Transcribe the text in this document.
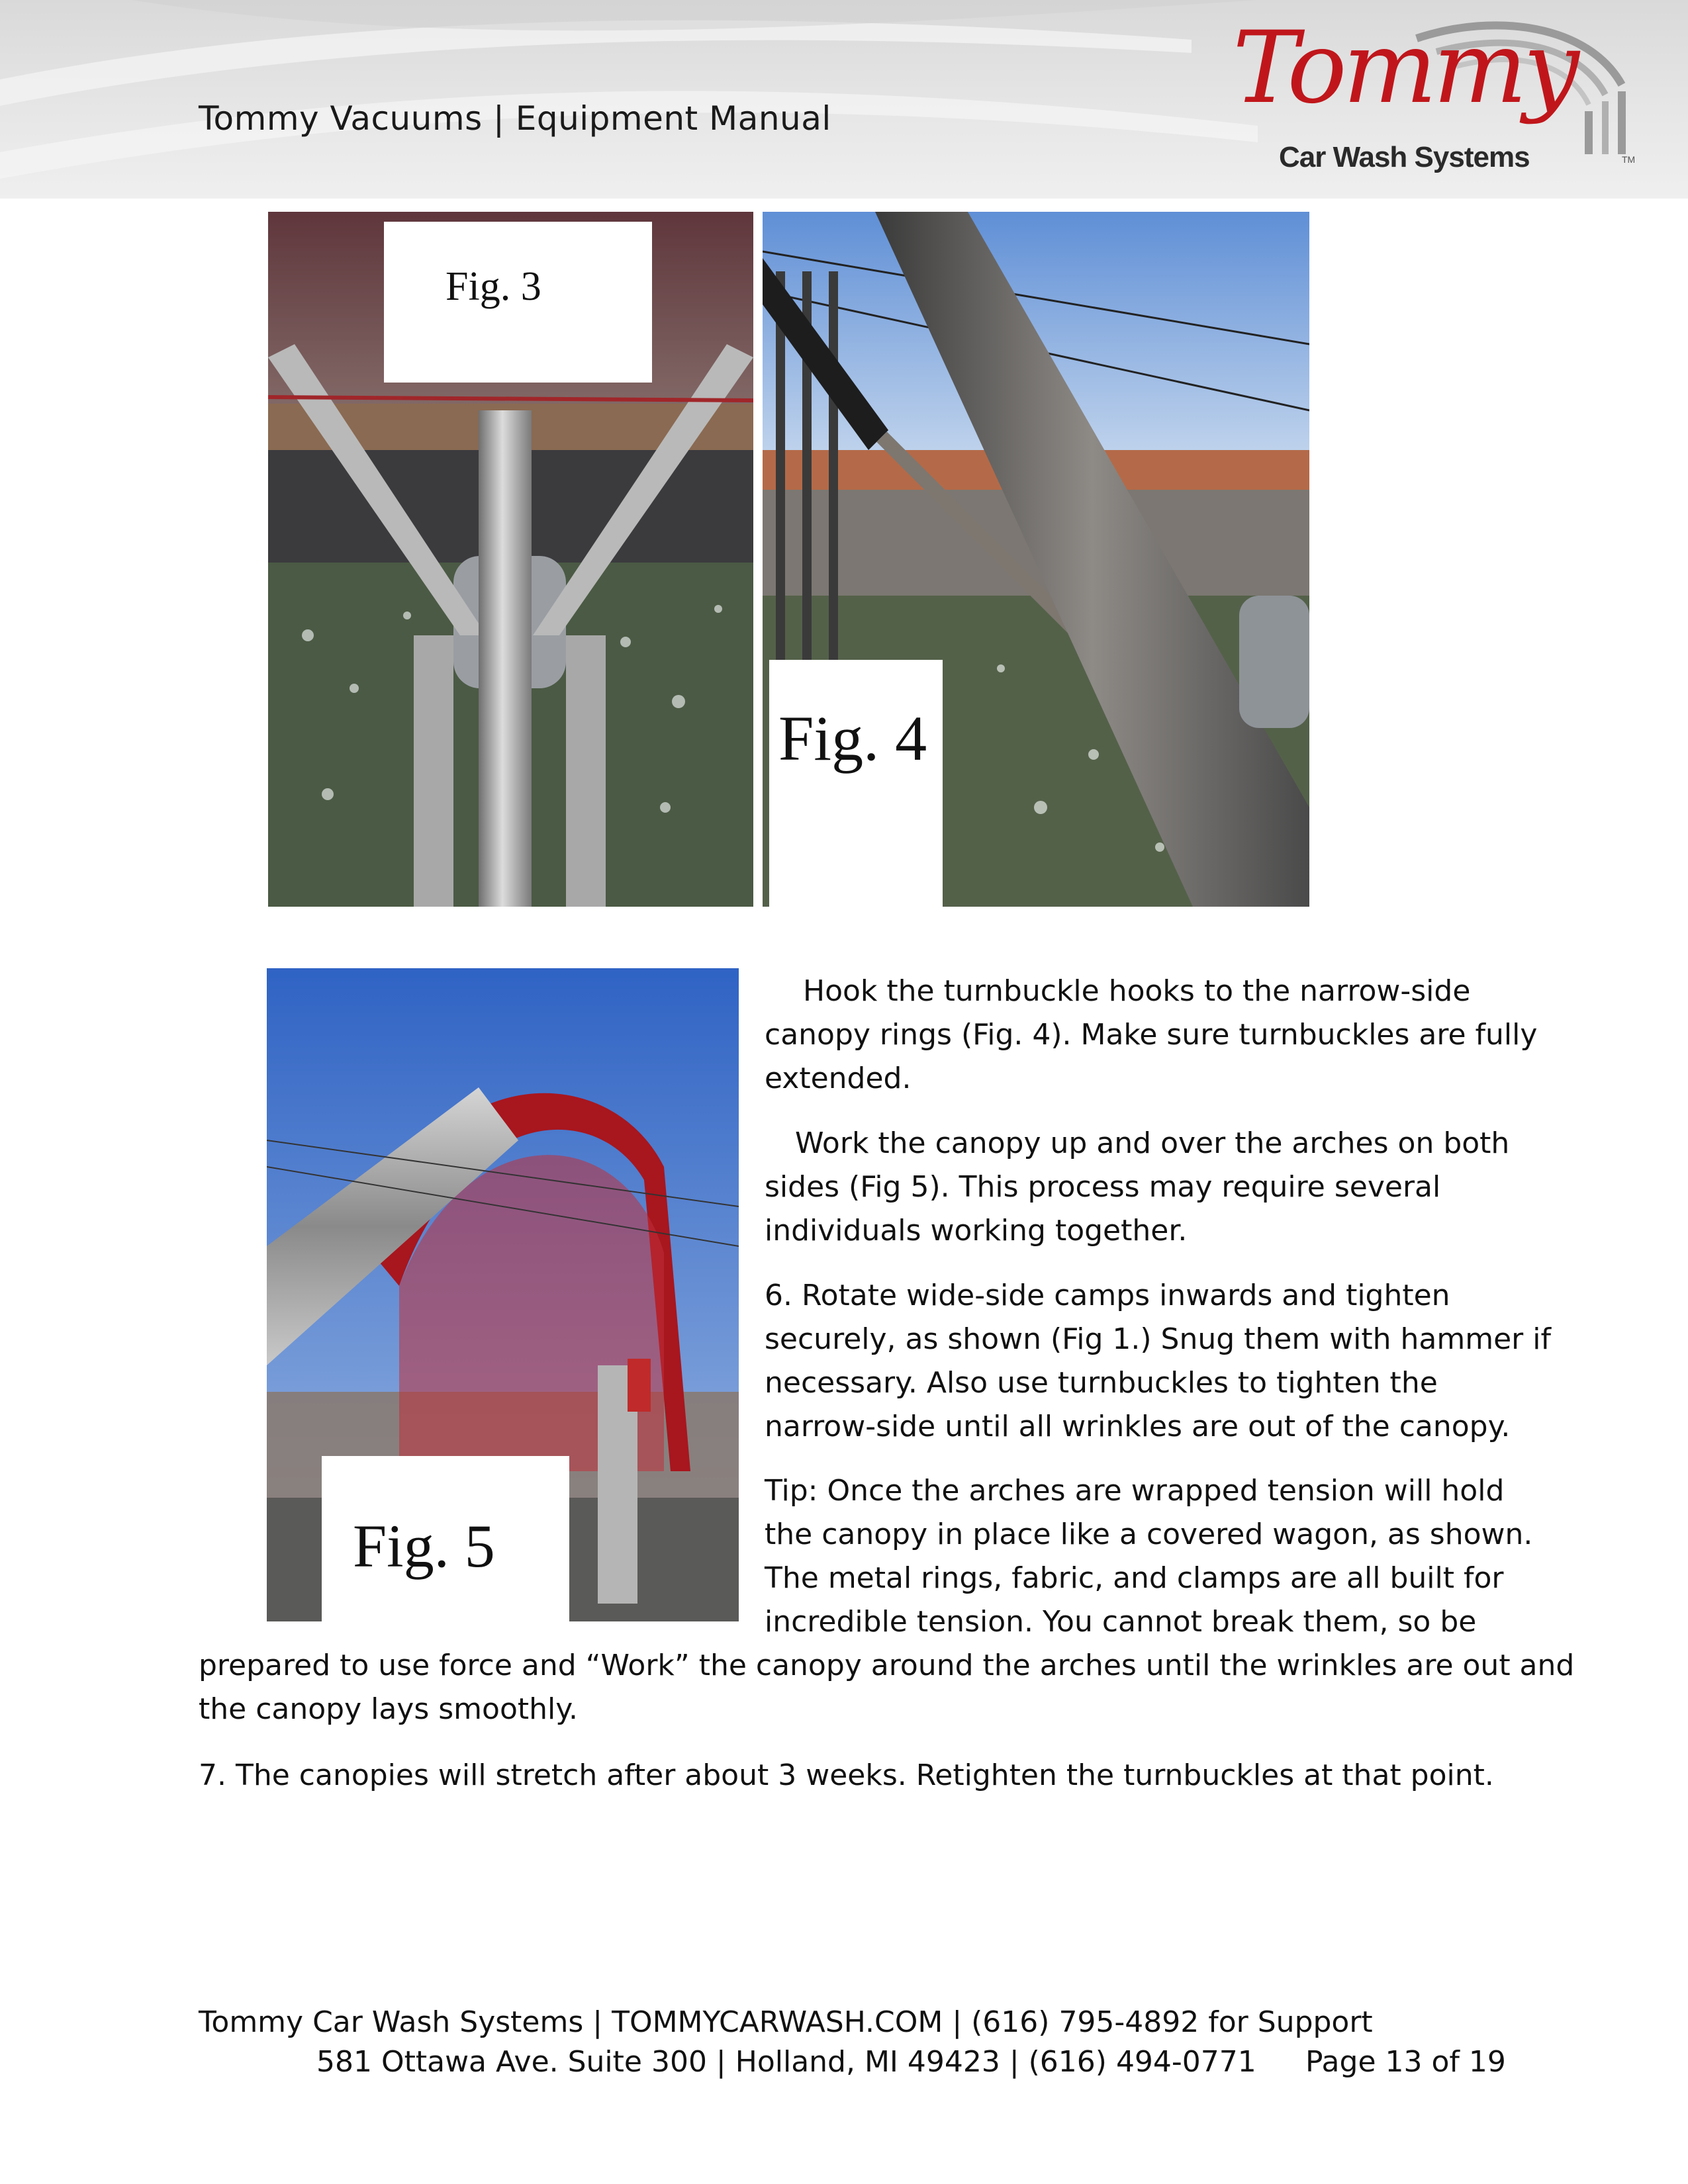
Tommy Vacuums | Equipment Manual	Tommy
Car Wash Systems	TM
Fig. 3
Fig. 4
Fig. 5
Hook the turnbuckle hooks to the narrow-side
canopy rings (Fig. 4). Make sure turnbuckles are fully
extended.
Work the canopy up and over the arches on both
sides (Fig 5). This process may require several
individuals working together.
6. Rotate wide-side camps inwards and tighten
securely, as shown (Fig 1.) Snug them with hammer if
necessary. Also use turnbuckles to tighten the
narrow-side until all wrinkles are out of the canopy.
Tip: Once the arches are wrapped tension will hold
the canopy in place like a covered wagon, as shown.
The metal rings, fabric, and clamps are all built for
incredible tension. You cannot break them, so be
prepared to use force and “Work” the canopy around the arches until the wrinkles are out and
the canopy lays smoothly.
7. The canopies will stretch after about 3 weeks. Retighten the turnbuckles at that point.
Tommy Car Wash Systems | TOMMYCARWASH.COM | (616) 795-4892 for Support
581 Ottawa Ave. Suite 300 | Holland, MI 49423 | (616) 494-0771 Page 13 of 19
